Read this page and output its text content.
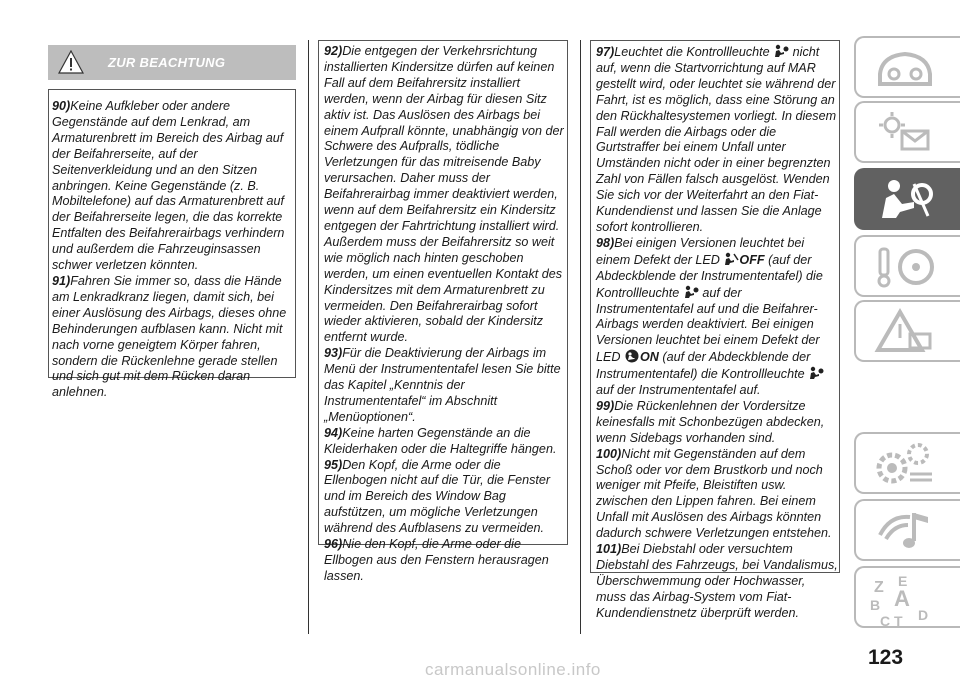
ZUR BEACHTUNG

90)Keine Aufkleber oder andere Gegenstände auf dem Lenkrad, am Armaturenbrett im Bereich des Airbag auf der Beifahrerseite, auf der Seitenverkleidung und an den Sitzen anbringen. Keine Gegenstände (z. B. Mobiltelefone) auf das Armaturenbrett auf der Beifahrerseite legen, die das korrekte Entfalten des Beifahrerairbags verhindern und außerdem die Fahrzeuginsassen schwer verletzen könnten.

91)Fahren Sie immer so, dass die Hände am Lenkradkranz liegen, damit sich, bei einer Auslösung des Airbags, dieses ohne Behinderungen aufblasen kann. Nicht mit nach vorne geneigtem Körper fahren, sondern die Rückenlehne gerade stellen und sich gut mit dem Rücken daran anlehnen.

92)Die entgegen der Verkehrsrichtung installierten Kindersitze dürfen auf keinen Fall auf dem Beifahrersitz installiert werden, wenn der Airbag für diesen Sitz aktiv ist. Das Auslösen des Airbags bei einem Aufprall könnte, unabhängig von der Schwere des Aufpralls, tödliche Verletzungen für das mitreisende Baby verursachen. Daher muss der Beifahrerairbag immer deaktiviert werden, wenn auf dem Beifahrersitz ein Kindersitz entgegen der Fahrtrichtung installiert wird. Außerdem muss der Beifahrersitz so weit wie möglich nach hinten geschoben werden, um einen eventuellen Kontakt des Kindersitzes mit dem Armaturenbrett zu vermeiden. Den Beifahrerairbag sofort wieder aktivieren, sobald der Kindersitz entfernt wurde.

93)Für die Deaktivierung der Airbags im Menü der Instrumententafel lesen Sie bitte das Kapitel „Kenntnis der Instrumententafel“ im Abschnitt „Menüoptionen“.

94)Keine harten Gegenstände an die Kleiderhaken oder die Haltegriffe hängen.

95)Den Kopf, die Arme oder die Ellenbogen nicht auf die Tür, die Fenster und im Bereich des Window Bag aufstützen, um mögliche Verletzungen während des Aufblasens zu vermeiden.

96)Nie den Kopf, die Arme oder die Ellbogen aus den Fenstern herausragen lassen.

97)Leuchtet die Kontrollleuchte nicht auf, wenn die Startvorrichtung auf MAR gestellt wird, oder leuchtet sie während der Fahrt, ist es möglich, dass eine Störung an den Rückhaltesystemen vorliegt. In diesem Fall werden die Airbags oder die Gurtstraffer bei einem Unfall unter Umständen nicht oder in einer begrenzten Zahl von Fällen falsch ausgelöst. Wenden Sie sich vor der Weiterfahrt an den Fiat-Kundendienst und lassen Sie die Anlage sofort kontrollieren.

98)Bei einigen Versionen leuchtet bei einem Defekt der LED OFF (auf der Abdeckblende der Instrumententafel) die Kontrollleuchte auf der Instrumententafel auf und die Beifahrer-Airbags werden deaktiviert. Bei einigen Versionen leuchtet bei einem Defekt der LED ON (auf der Abdeckblende der Instrumententafel) die Kontrollleuchte  auf der Instrumententafel auf.

99)Die Rückenlehnen der Vordersitze keinesfalls mit Schonbezügen abdecken, wenn Sidebags vorhanden sind.

100)Nicht mit Gegenständen auf dem Schoß oder vor dem Brustkorb und noch weniger mit Pfeife, Bleistiften usw. zwischen den Lippen fahren. Bei einem Unfall mit Auslösen des Airbags könnten dadurch schwere Verletzungen entstehen.

101)Bei Diebstahl oder versuchtem Diebstahl des Fahrzeugs, bei Vandalismus, Überschwemmung oder Hochwasser, muss das Airbag-System vom Fiat-Kundendienstnetz überprüft werden.

Z E
B A
C T D
123
carmanualsonline.info
